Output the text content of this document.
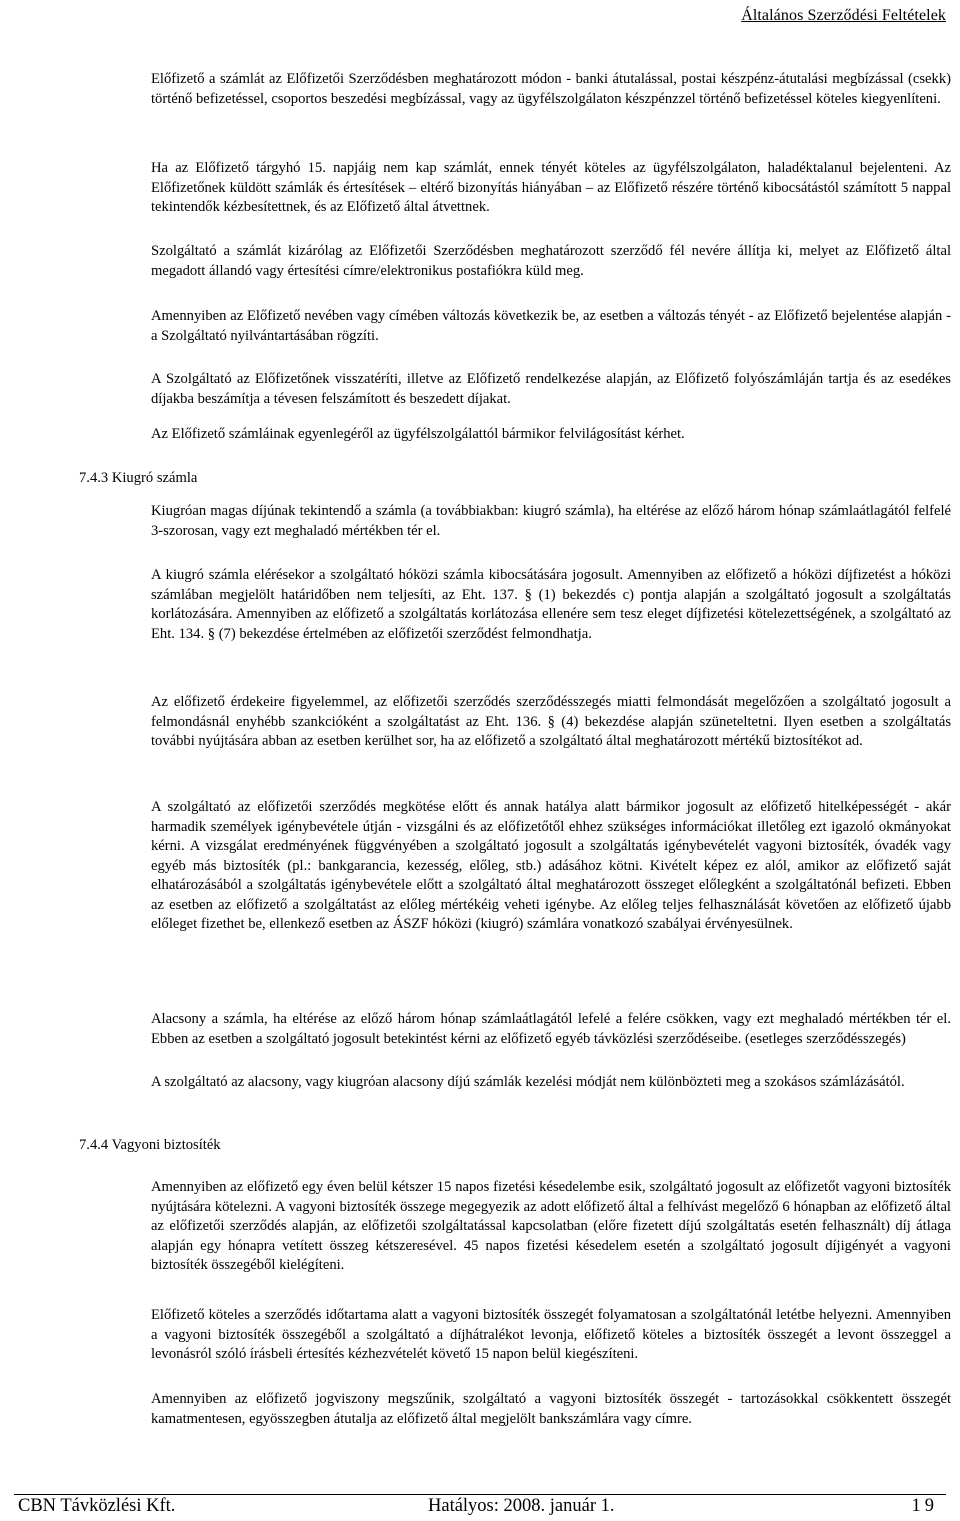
Általános Szerződési Feltételek

Előfizető a számlát az Előfizetői Szerződésben meghatározott módon - banki átutalással, postai készpénz-átutalási megbízással (csekk) történő befizetéssel, csoportos beszedési megbízással, vagy az ügyfélszolgálaton készpénzzel történő befizetéssel köteles kiegyenlíteni.

Ha az Előfizető tárgyhó 15. napjáig nem kap számlát, ennek tényét köteles az ügyfélszolgálaton, haladéktalanul bejelenteni. Az Előfizetőnek küldött számlák és értesítések – eltérő bizonyítás hiányában – az Előfizető részére történő kibocsátástól számított 5 nappal tekintendők kézbesítettnek, és az Előfizető által átvettnek.

Szolgáltató a számlát kizárólag az Előfizetői Szerződésben meghatározott szerződő fél nevére állítja ki, melyet az Előfizető által megadott állandó vagy értesítési címre/elektronikus postafiókra küld meg.

Amennyiben az Előfizető nevében vagy címében változás következik be, az esetben a változás tényét - az Előfizető bejelentése alapján - a Szolgáltató nyilvántartásában rögzíti.

A Szolgáltató az Előfizetőnek visszatéríti, illetve az Előfizető rendelkezése alapján, az Előfizető folyószámláján tartja és az esedékes díjakba beszámítja a tévesen felszámított és beszedett díjakat.

Az Előfizető számláinak egyenlegéről az ügyfélszolgálattól bármikor felvilágosítást kérhet.

7.4.3 Kiugró számla

Kiugróan magas díjúnak tekintendő a számla (a továbbiakban: kiugró számla), ha eltérése az előző három hónap számlaátlagától felfelé 3-szorosan, vagy ezt meghaladó mértékben tér el.

A kiugró számla elérésekor a szolgáltató hóközi számla kibocsátására jogosult. Amennyiben az előfizető a hóközi díjfizetést a hóközi számlában megjelölt határidőben nem teljesíti, az Eht. 137. § (1) bekezdés c) pontja alapján a szolgáltató jogosult a szolgáltatás korlátozására. Amennyiben az előfizető a szolgáltatás korlátozása ellenére sem tesz eleget díjfizetési kötelezettségének, a szolgáltató az Eht. 134. § (7) bekezdése értelmében az előfizetői szerződést felmondhatja.

Az előfizető érdekeire figyelemmel, az előfizetői szerződés szerződésszegés miatti felmondását megelőzően a szolgáltató jogosult a felmondásnál enyhébb szankcióként a szolgáltatást az Eht. 136. § (4) bekezdése alapján szüneteltetni. Ilyen esetben a szolgáltatás további nyújtására abban az esetben kerülhet sor, ha az előfizető a szolgáltató által meghatározott mértékű biztosítékot ad.

A szolgáltató az előfizetői szerződés megkötése előtt és annak hatálya alatt bármikor jogosult az előfizető hitelképességét - akár harmadik személyek igénybevétele útján - vizsgálni és az előfizetőtől ehhez szükséges információkat illetőleg ezt igazoló okmányokat kérni. A vizsgálat eredményének függvényében a szolgáltató jogosult a szolgáltatás igénybevételét vagyoni biztosíték, óvadék vagy egyéb más biztosíték (pl.: bankgarancia, kezesség, előleg, stb.) adásához kötni. Kivételt képez ez alól, amikor az előfizető saját elhatározásából a szolgáltatás igénybevétele előtt a szolgáltató által meghatározott összeget előlegként a szolgáltatónál befizeti. Ebben az esetben az előfizető a szolgáltatást az előleg mértékéig veheti igénybe. Az előleg teljes felhasználását követően az előfizető újabb előleget fizethet be, ellenkező esetben az ÁSZF hóközi (kiugró) számlára vonatkozó szabályai érvényesülnek.

Alacsony a számla, ha eltérése az előző három hónap számlaátlagától lefelé a felére csökken, vagy ezt meghaladó mértékben tér el. Ebben az esetben a szolgáltató jogosult betekintést kérni az előfizető egyéb távközlési szerződéseibe. (esetleges szerződésszegés)

A szolgáltató az alacsony, vagy kiugróan alacsony díjú számlák kezelési módját nem különbözteti meg a szokásos számlázásától.

7.4.4 Vagyoni biztosíték

Amennyiben az előfizető egy éven belül kétszer 15 napos fizetési késedelembe esik, szolgáltató jogosult az előfizetőt vagyoni biztosíték nyújtására kötelezni. A vagyoni biztosíték összege megegyezik az adott előfizető által a felhívást megelőző 6 hónapban az előfizető által az előfizetői szerződés alapján, az előfizetői szolgáltatással kapcsolatban (előre fizetett díjú szolgáltatás esetén felhasznált) díj átlaga alapján egy hónapra vetített összeg kétszeresével. 45 napos fizetési késedelem esetén a szolgáltató jogosult díjigényét a vagyoni biztosíték összegéből kielégíteni.

Előfizető köteles a szerződés időtartama alatt a vagyoni biztosíték összegét folyamatosan a szolgáltatónál letétbe helyezni. Amennyiben a vagyoni biztosíték összegéből a szolgáltató a díjhátralékot levonja, előfizető köteles a biztosíték összegét a levont összeggel a levonásról szóló írásbeli értesítés kézhezvételét követő 15 napon belül kiegészíteni.

Amennyiben az előfizető jogviszony megszűnik, szolgáltató a vagyoni biztosíték összegét - tartozásokkal csökkentett összegét kamatmentesen, egyösszegben átutalja az előfizető által megjelölt bankszámlára vagy címre.

CBN Távközlési Kft.	Hatályos: 2008. január 1.	19
